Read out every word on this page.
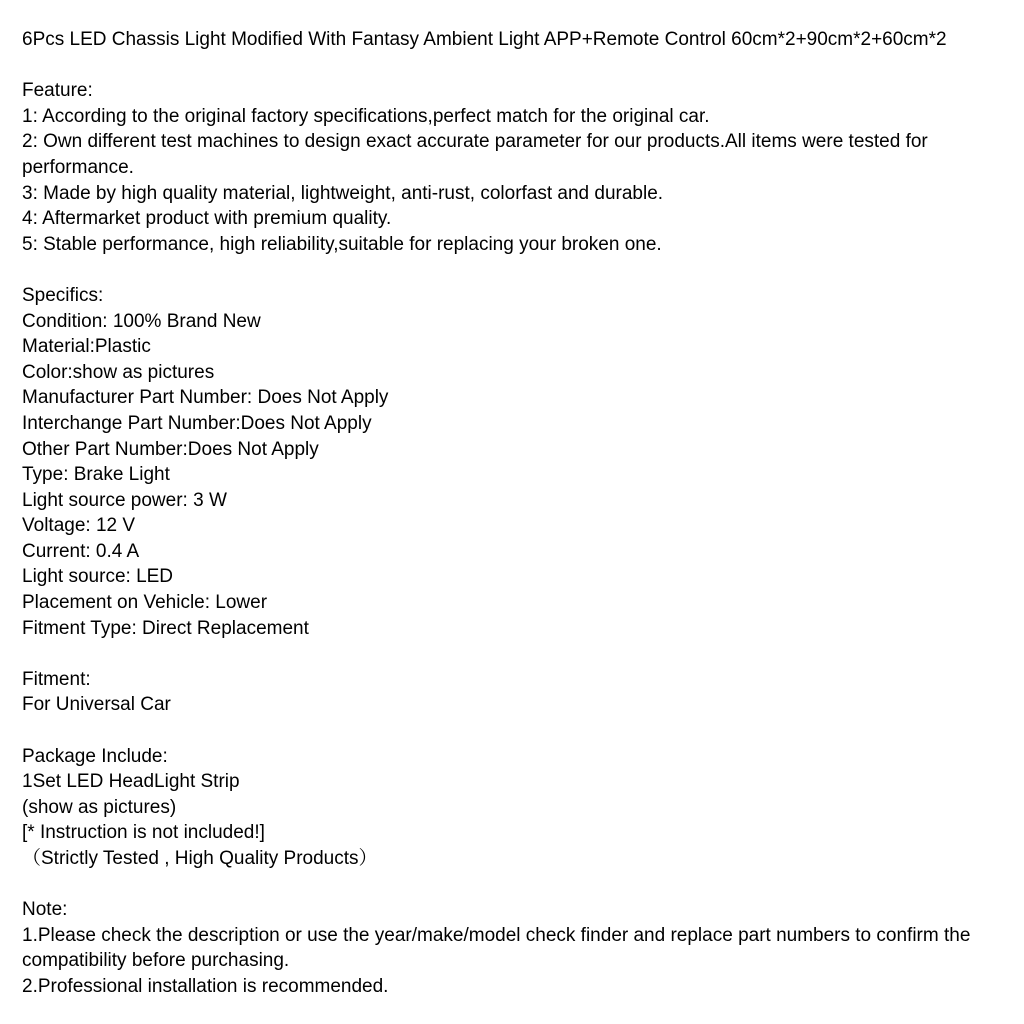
6Pcs LED Chassis Light Modified With Fantasy Ambient Light APP+Remote Control 60cm*2+90cm*2+60cm*2

Feature:

1: According to the original factory specifications,perfect match for the original car.

2: Own different test machines to design exact accurate parameter for our products.All items were tested for performance.

3: Made by high quality material, lightweight, anti-rust, colorfast and durable.

4: Aftermarket product with premium quality.

5: Stable performance, high reliability,suitable for replacing your broken one.

Specifics:

Condition: 100% Brand New

Material:Plastic

Color:show as pictures

Manufacturer Part Number: Does Not Apply

Interchange Part Number:Does Not Apply

Other Part Number:Does Not Apply

Type: Brake Light

Light source power: 3 W

Voltage: 12 V

Current: 0.4 A

Light source: LED

Placement on Vehicle: Lower

Fitment Type: Direct Replacement

Fitment:

For Universal Car

Package Include:

1Set LED HeadLight Strip

(show as pictures)

[* Instruction is not included!]

（Strictly Tested , High Quality Products）

Note:

1.Please check the description or use the year/make/model check finder and replace part numbers to confirm the compatibility before purchasing.

2.Professional installation is recommended.
